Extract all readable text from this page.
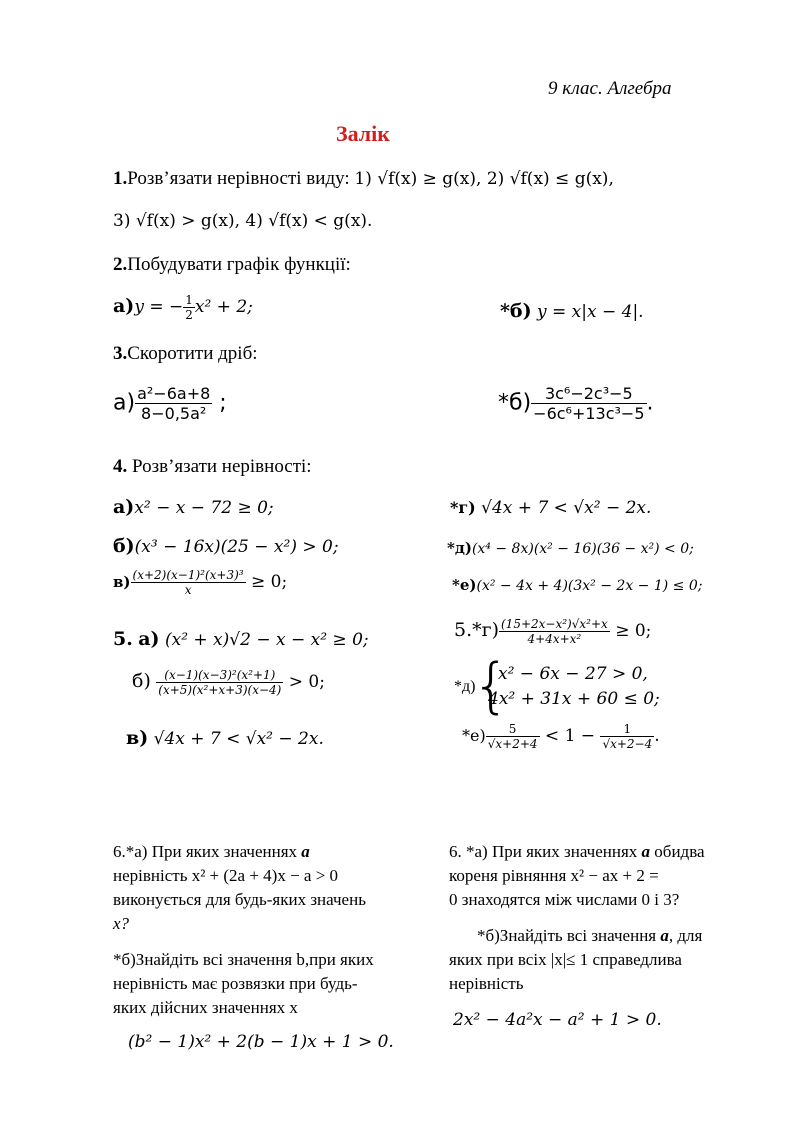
9 клас. Алгебра
Залік
1.Розв’язати нерівності виду: 1) √f(x) ≥ g(x), 2) √f(x) ≤ g(x),
3) √f(x) > g(x), 4) √f(x) < g(x).
2.Побудувати графік функції:
а)y = − $\frac{1}{2} x^2 + 2$;	*б) y = x|x − 4|.
3.Скоротити дріб:
$а) \frac{\text{a²−6a+8}}{\text{8−0,5a²}}$ ;	$*б) \frac{\text{3c⁶−2c³−5}}{\text{−6c⁶+13c³−5}}$ .
4. Розв’язати нерівності:
а)x² − x − 72 ≥ 0;
б)(x³ − 16x)(25 − x²) > 0;
$в) \frac{\text{(x+2)(x−1)²(x+3)³}}{x} \ge 0$;
*г) √4x + 7 < √x² − 2x.
*д)(x⁴ − 8x)(x² − 16)(36 − x²) < 0;
*е)(x² − 4x + 4)(3x² − 2x − 1) ≤ 0;
5. а) (x² + x)√2 − x − x² ≥ 0;
$б) \frac{\text{(x−1)(x−3)²(x²+1)}}{\text{(x+5)(x²+x+3)(x−4)}} > 0$;
в) √4x + 7 < √x² − 2x.
$5.*г) \frac{\text{(15+2x−x²)√x²+x}}{\text{4+4x+x²}} \ge 0$;
*д)
{
x² − 6x − 27 > 0,
4x² + 31x + 60 ≤ 0;
$*е) \frac{5}{√x+2+4} < 1 - \frac{1}{√x+2-4}$ .
6.*а) При яких значеннях a
нерівність x² + (2a + 4)x − a > 0
виконується для будь-яких значень
x?
*б)Знайдіть всі значення b,при яких
нерівність має розвязки при будь-
яких дійсних значеннях x
(b² − 1)x² + 2(b − 1)x + 1 > 0.
6. *а) При яких значеннях a обидва
кореня рівняння x² − ax + 2 =
0 знаходятся між числами 0 і 3?
*б)Знайдіть всі значення a, для
яких при всіх |x|≤ 1 справедлива
нерівність
2x² − 4a²x − a² + 1 > 0.
